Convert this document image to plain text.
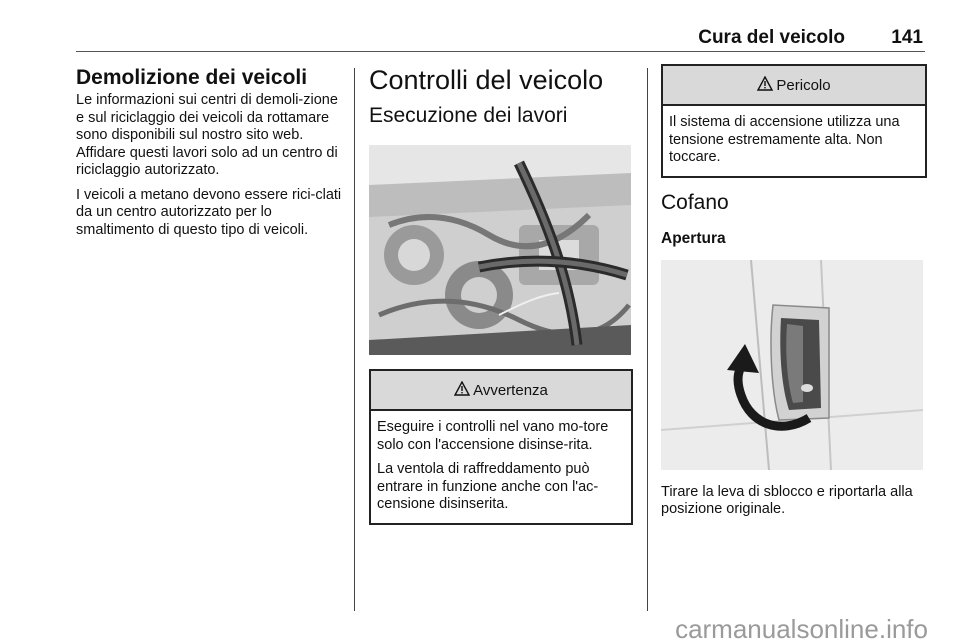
Cura del veicolo 141
Demolizione dei veicoli

Le informazioni sui centri di demoli-zione e sul riciclaggio dei veicoli da rottamare sono disponibili sul nostro sito web. Affidare questi lavori solo ad un centro di riciclaggio autorizzato.

I veicoli a metano devono essere rici-clati da un centro autorizzato per lo smaltimento di questo tipo di veicoli.

Controlli del veicolo
Esecuzione dei lavori
Avvertenza

Eseguire i controlli nel vano mo-tore solo con l'accensione disinse-rita.

La ventola di raffreddamento può entrare in funzione anche con l'ac-censione disinserita.

Pericolo

Il sistema di accensione utilizza una tensione estremamente alta. Non toccare.

Cofano
Apertura

Tirare la leva di sblocco e riportarla alla posizione originale.

carmanualsonline.info
